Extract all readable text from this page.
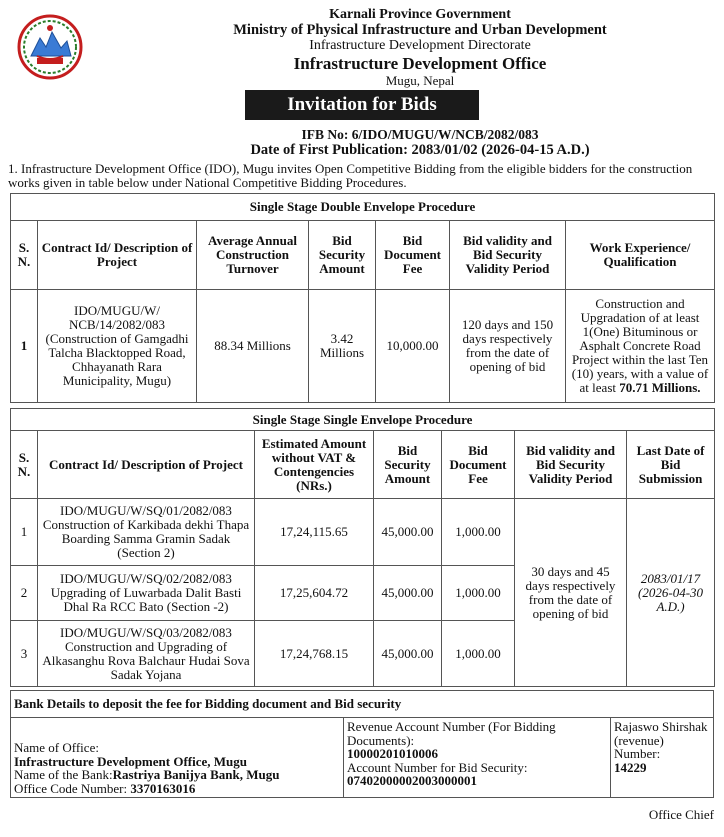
Karnali Province Government
Ministry of Physical Infrastructure and Urban Development
Infrastructure Development Directorate
Infrastructure Development Office
Mugu, Nepal
Invitation for Bids
IFB No: 6/IDO/MUGU/W/NCB/2082/083
Date of First Publication: 2083/01/02 (2026-04-15 A.D.)
1. Infrastructure Development Office (IDO), Mugu invites Open Competitive Bidding from the eligible bidders for the construction works given in table below under National Competitive Bidding Procedures.
Single Stage Double Envelope Procedure						
S. N.	Contract Id/ Description of Project	Average Annual Construction Turnover	Bid Security Amount	Bid Document Fee	Bid validity and Bid Security Validity Period	Work Experience/ Qualification
1	IDO/MUGU/W/ NCB/14/2082/083 (Construction of Gamgadhi Talcha Blacktopped Road, Chhayanath Rara Municipality, Mugu)	88.34 Millions	3.42 Millions	10,000.00	120 days and 150 days respectively from the date of opening of bid	Construction and Upgradation of at least 1(One) Bituminous or Asphalt Concrete Road Project within the last Ten (10) years, with a value of at least 70.71 Millions.
Single Stage Single Envelope Procedure						
S. N.	Contract Id/ Description of Project	Estimated Amount without VAT & Contengencies (NRs.)	Bid Security Amount	Bid Document Fee	Bid validity and Bid Security Validity Period	Last Date of Bid Submission
1	IDO/MUGU/W/SQ/01/2082/083 Construction of Karkibada dekhi Thapa Boarding Samma Gramin Sadak (Section 2)	17,24,115.65	45,000.00	1,000.00	30 days and 45 days respectively from the date of opening of bid	2083/01/17 (2026-04-30 A.D.)
2	IDO/MUGU/W/SQ/02/2082/083 Upgrading of Luwarbada Dalit Basti Dhal Ra RCC Bato (Section -2)	17,25,604.72	45,000.00	1,000.00		
3	IDO/MUGU/W/SQ/03/2082/083 Construction and Upgrading of Alkasanghu Rova Balchaur Hudai Sova Sadak Yojana	17,24,768.15	45,000.00	1,000.00		
Bank Details to deposit the fee for Bidding document and Bid security

Name of Office:
Infrastructure Development Office, Mugu
Name of the Bank:Rastriya Banijya Bank, Mugu
Office Code Number: 3370163016

Revenue Account Number (For Bidding Documents):
10000201010006
Account Number for Bid Security:
07402000002003000001

Rajaswo Shirshak (revenue) Number:
14229
Office Chief
